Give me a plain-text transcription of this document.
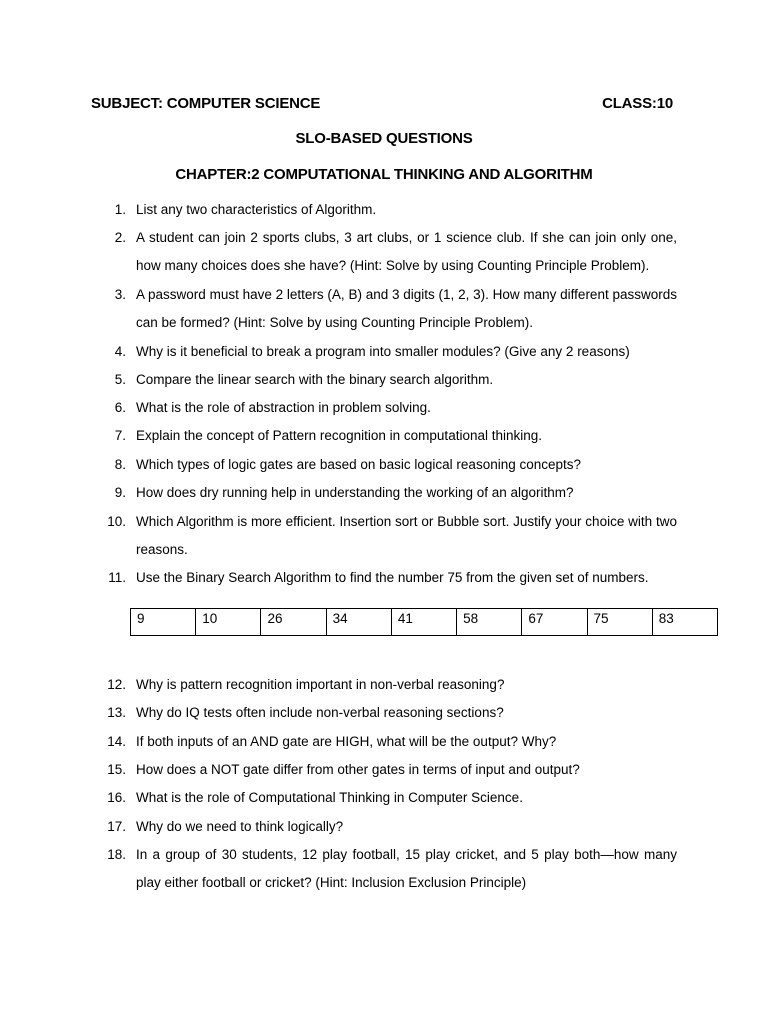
SUBJECT: COMPUTER SCIENCE	CLASS:10
SLO-BASED QUESTIONS
CHAPTER:2 COMPUTATIONAL THINKING AND ALGORITHM
1. List any two characteristics of Algorithm.
2. A student can join 2 sports clubs, 3 art clubs, or 1 science club. If she can join only one, how many choices does she have? (Hint: Solve by using Counting Principle Problem).
3. A password must have 2 letters (A, B) and 3 digits (1, 2, 3). How many different passwords can be formed? (Hint: Solve by using Counting Principle Problem).
4. Why is it beneficial to break a program into smaller modules? (Give any 2 reasons)
5. Compare the linear search with the binary search algorithm.
6. What is the role of abstraction in problem solving.
7. Explain the concept of Pattern recognition in computational thinking.
8. Which types of logic gates are based on basic logical reasoning concepts?
9. How does dry running help in understanding the working of an algorithm?
10. Which Algorithm is more efficient. Insertion sort or Bubble sort. Justify your choice with two reasons.
11. Use the Binary Search Algorithm to find the number 75 from the given set of numbers.
9	10	26	34	41	58	67	75	83
12. Why is pattern recognition important in non-verbal reasoning?
13. Why do IQ tests often include non-verbal reasoning sections?
14. If both inputs of an AND gate are HIGH, what will be the output? Why?
15. How does a NOT gate differ from other gates in terms of input and output?
16. What is the role of Computational Thinking in Computer Science.
17. Why do we need to think logically?
18. In a group of 30 students, 12 play football, 15 play cricket, and 5 play both—how many play either football or cricket? (Hint: Inclusion Exclusion Principle)
